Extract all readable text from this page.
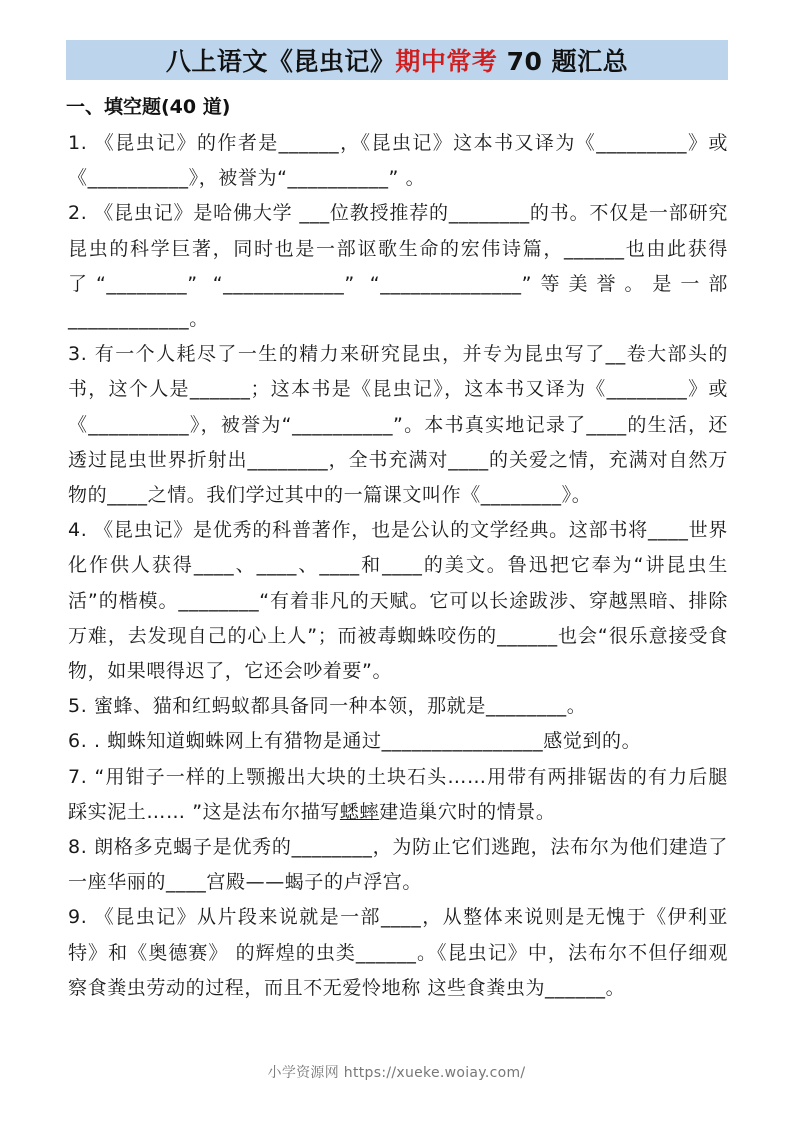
八上语文《昆虫记》期中常考 70 题汇总
一、填空题(40 道)

1. 《昆虫记》的作者是______，《昆虫记》这本书又译为《_________》或《__________》，被誉为“__________” 。

2. 《昆虫记》是哈佛大学 ___位教授推荐的________的书。不仅是一部研究昆虫的科学巨著，同时也是一部讴歌生命的宏伟诗篇，______也由此获得了“________” “____________” “______________”等美誉。是一部____________。

3. 有一个人耗尽了一生的精力来研究昆虫，并专为昆虫写了__卷大部头的书，这个人是______；这本书是《昆虫记》，这本书又译为《________》或《__________》，被誉为“__________”。本书真实地记录了____的生活，还透过昆虫世界折射出________，全书充满对____的关爱之情，充满对自然万物的____之情。我们学过其中的一篇课文叫作《________》。

4. 《昆虫记》是优秀的科普著作，也是公认的文学经典。这部书将____世界化作供人获得____、____、____和____的美文。鲁迅把它奉为“讲昆虫生活”的楷模。________“有着非凡的天赋。它可以长途跋涉、穿越黑暗、排除万难，去发现自己的心上人”；而被毒蜘蛛咬伤的______也会“很乐意接受食物，如果喂得迟了，它还会吵着要”。

5. 蜜蜂、猫和红蚂蚁都具备同一种本领，那就是________。

6. . 蜘蛛知道蜘蛛网上有猎物是通过________________感觉到的。

7. “用钳子一样的上颚搬出大块的土块石头……用带有两排锯齿的有力后腿踩实泥土…… ”这是法布尔描写蟋蟀建造巢穴时的情景。

8. 朗格多克蝎子是优秀的________，为防止它们逃跑，法布尔为他们建造了一座华丽的____宫殿——蝎子的卢浮宫。

9. 《昆虫记》从片段来说就是一部____，从整体来说则是无愧于《伊利亚特》和《奥德赛》 的辉煌的虫类______。《昆虫记》中，法布尔不但仔细观察食粪虫劳动的过程，而且不无爱怜地称 这些食粪虫为______。

小学资源网 https://xueke.woiay.com/
